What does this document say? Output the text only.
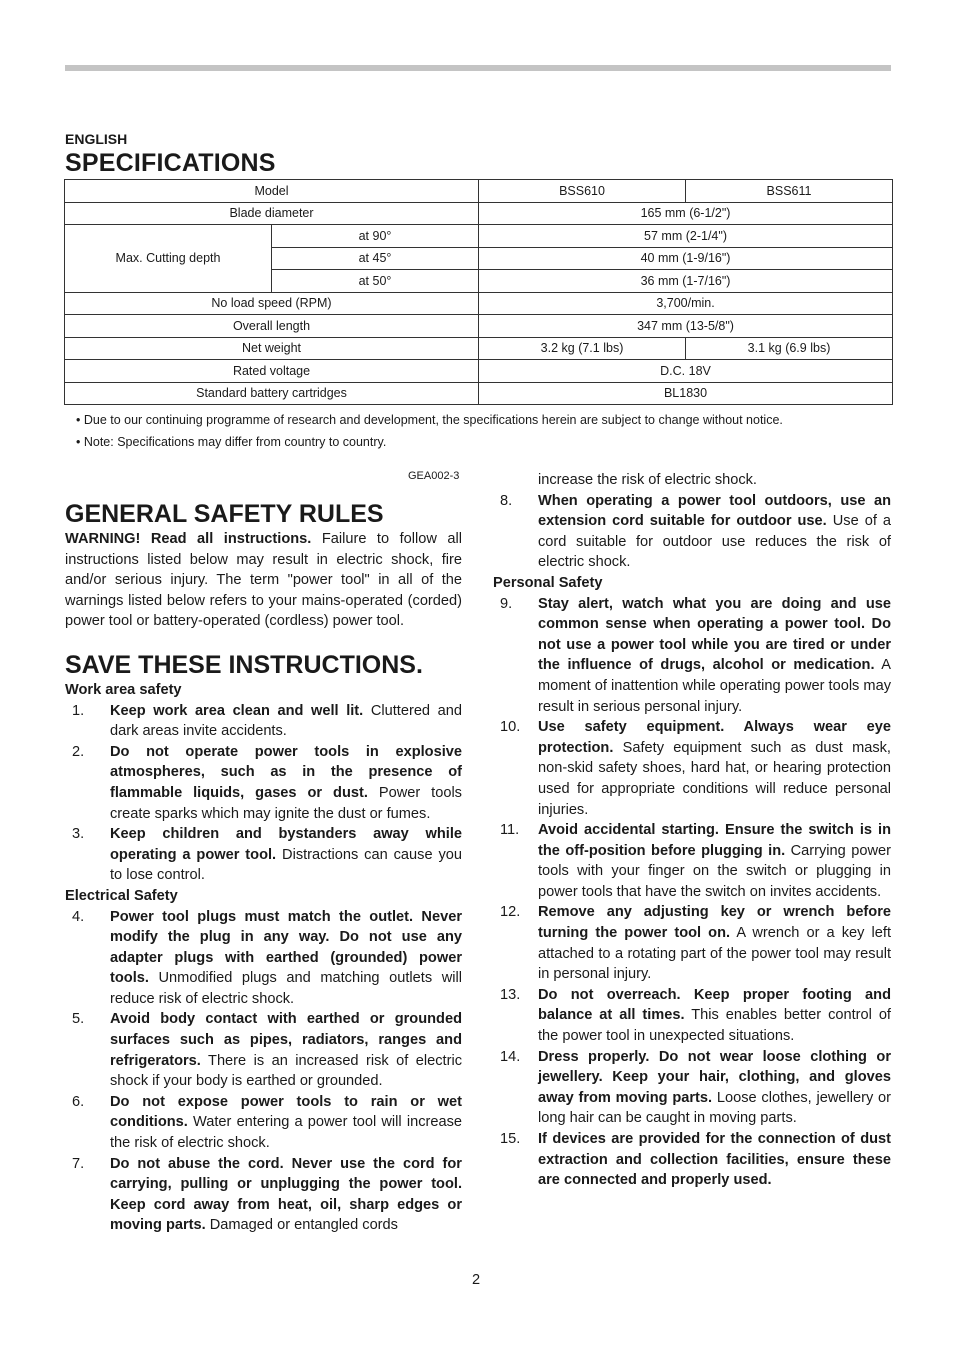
ENGLISH
SPECIFICATIONS
Model		BSS610	BSS611
Blade diameter		165 mm (6-1/2")	
Max. Cutting depth	at 90°	57 mm (2-1/4")	
	at 45°	40 mm (1-9/16")	
	at 50°	36 mm (1-7/16")	
No load speed (RPM)		3,700/min.	
Overall length		347 mm (13-5/8")	
Net weight		3.2 kg (7.1 lbs)	3.1 kg (6.9 lbs)
Rated voltage		D.C. 18V	
Standard battery cartridges		BL1830	
• Due to our continuing programme of research and development, the specifications herein are subject to change without notice.
• Note: Specifications may differ from country to country.
GEA002-3
GENERAL SAFETY RULES

WARNING! Read all instructions. Failure to follow all instructions listed below may result in electric shock, fire and/or serious injury. The term "power tool" in all of the warnings listed below refers to your mains-operated (corded) power tool or battery-operated (cordless) power tool.

SAVE THESE INSTRUCTIONS.
Work area safety
1.	Keep work area clean and well lit. Cluttered and dark areas invite accidents.
2.	Do not operate power tools in explosive atmospheres, such as in the presence of flammable liquids, gases or dust. Power tools create sparks which may ignite the dust or fumes.
3.	Keep children and bystanders away while operating a power tool. Distractions can cause you to lose control.
Electrical Safety
4.	Power tool plugs must match the outlet. Never modify the plug in any way. Do not use any adapter plugs with earthed (grounded) power tools. Unmodified plugs and matching outlets will reduce risk of electric shock.
5.	Avoid body contact with earthed or grounded surfaces such as pipes, radiators, ranges and refrigerators. There is an increased risk of electric shock if your body is earthed or grounded.
6.	Do not expose power tools to rain or wet conditions. Water entering a power tool will increase the risk of electric shock.
7.	Do not abuse the cord. Never use the cord for carrying, pulling or unplugging the power tool. Keep cord away from heat, oil, sharp edges or moving parts. Damaged or entangled cords
increase the risk of electric shock.
8.	When operating a power tool outdoors, use an extension cord suitable for outdoor use. Use of a cord suitable for outdoor use reduces the risk of electric shock.
Personal Safety
9.	Stay alert, watch what you are doing and use common sense when operating a power tool. Do not use a power tool while you are tired or under the influence of drugs, alcohol or medication. A moment of inattention while operating power tools may result in serious personal injury.
10.	Use safety equipment. Always wear eye protection. Safety equipment such as dust mask, non-skid safety shoes, hard hat, or hearing protection used for appropriate conditions will reduce personal injuries.
11.	Avoid accidental starting. Ensure the switch is in the off-position before plugging in. Carrying power tools with your finger on the switch or plugging in power tools that have the switch on invites accidents.
12.	Remove any adjusting key or wrench before turning the power tool on. A wrench or a key left attached to a rotating part of the power tool may result in personal injury.
13.	Do not overreach. Keep proper footing and balance at all times. This enables better control of the power tool in unexpected situations.
14.	Dress properly. Do not wear loose clothing or jewellery. Keep your hair, clothing, and gloves away from moving parts. Loose clothes, jewellery or long hair can be caught in moving parts.
15.	If devices are provided for the connection of dust extraction and collection facilities, ensure these are connected and properly used.
2
